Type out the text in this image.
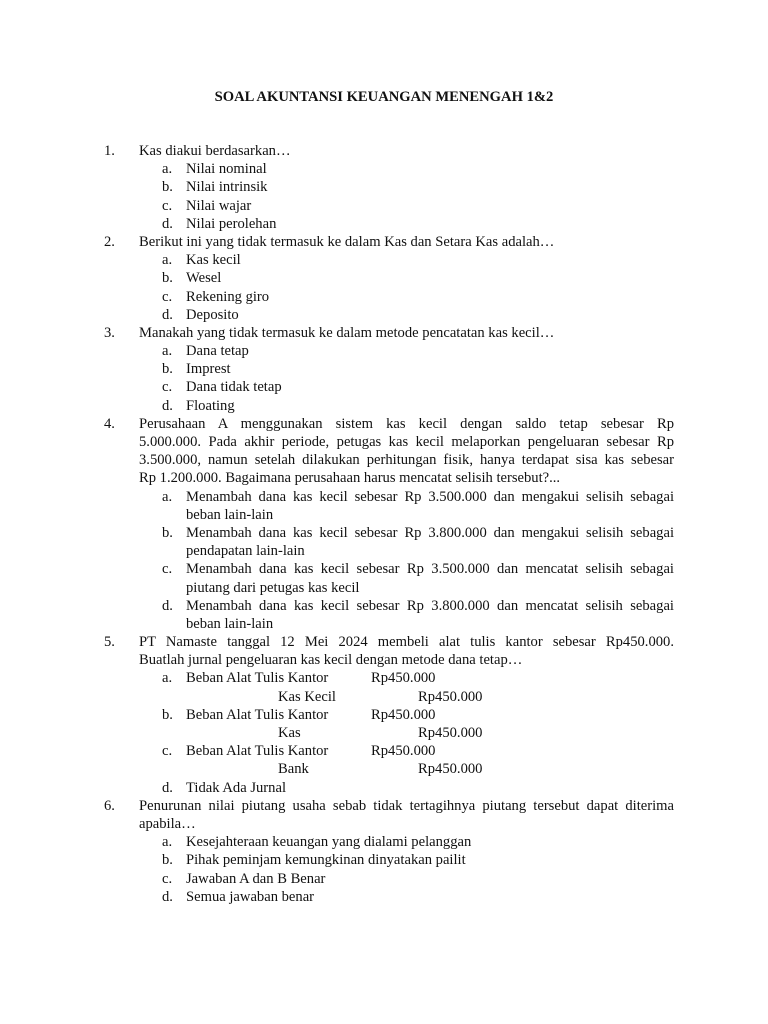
SOAL AKUNTANSI KEUANGAN MENENGAH 1&2
1. Kas diakui berdasarkan…
a. Nilai nominal
b. Nilai intrinsik
c. Nilai wajar
d. Nilai perolehan
2. Berikut ini yang tidak termasuk ke dalam Kas dan Setara Kas adalah…
a. Kas kecil
b. Wesel
c. Rekening giro
d. Deposito
3. Manakah yang tidak termasuk ke dalam metode pencatatan kas kecil…
a. Dana tetap
b. Imprest
c. Dana tidak tetap
d. Floating
4. Perusahaan A menggunakan sistem kas kecil dengan saldo tetap sebesar Rp
5.000.000. Pada akhir periode, petugas kas kecil melaporkan pengeluaran sebesar Rp
3.500.000, namun setelah dilakukan perhitungan fisik, hanya terdapat sisa kas sebesar
Rp 1.200.000. Bagaimana perusahaan harus mencatat selisih tersebut?...
a. Menambah dana kas kecil sebesar Rp 3.500.000 dan mengakui selisih sebagai
beban lain-lain
b. Menambah dana kas kecil sebesar Rp 3.800.000 dan mengakui selisih sebagai
pendapatan lain-lain
c. Menambah dana kas kecil sebesar Rp 3.500.000 dan mencatat selisih sebagai
piutang dari petugas kas kecil
d. Menambah dana kas kecil sebesar Rp 3.800.000 dan mencatat selisih sebagai
beban lain-lain
5. PT Namaste tanggal 12 Mei 2024 membeli alat tulis kantor sebesar Rp450.000.
Buatlah jurnal pengeluaran kas kecil dengan metode dana tetap…
a. Beban Alat Tulis Kantor	Rp450.000
Kas Kecil	Rp450.000
b. Beban Alat Tulis Kantor	Rp450.000
Kas	Rp450.000
c. Beban Alat Tulis Kantor	Rp450.000
Bank	Rp450.000
d. Tidak Ada Jurnal
6. Penurunan nilai piutang usaha sebab tidak tertagihnya piutang tersebut dapat diterima
apabila…
a. Kesejahteraan keuangan yang dialami pelanggan
b. Pihak peminjam kemungkinan dinyatakan pailit
c. Jawaban A dan B Benar
d. Semua jawaban benar
